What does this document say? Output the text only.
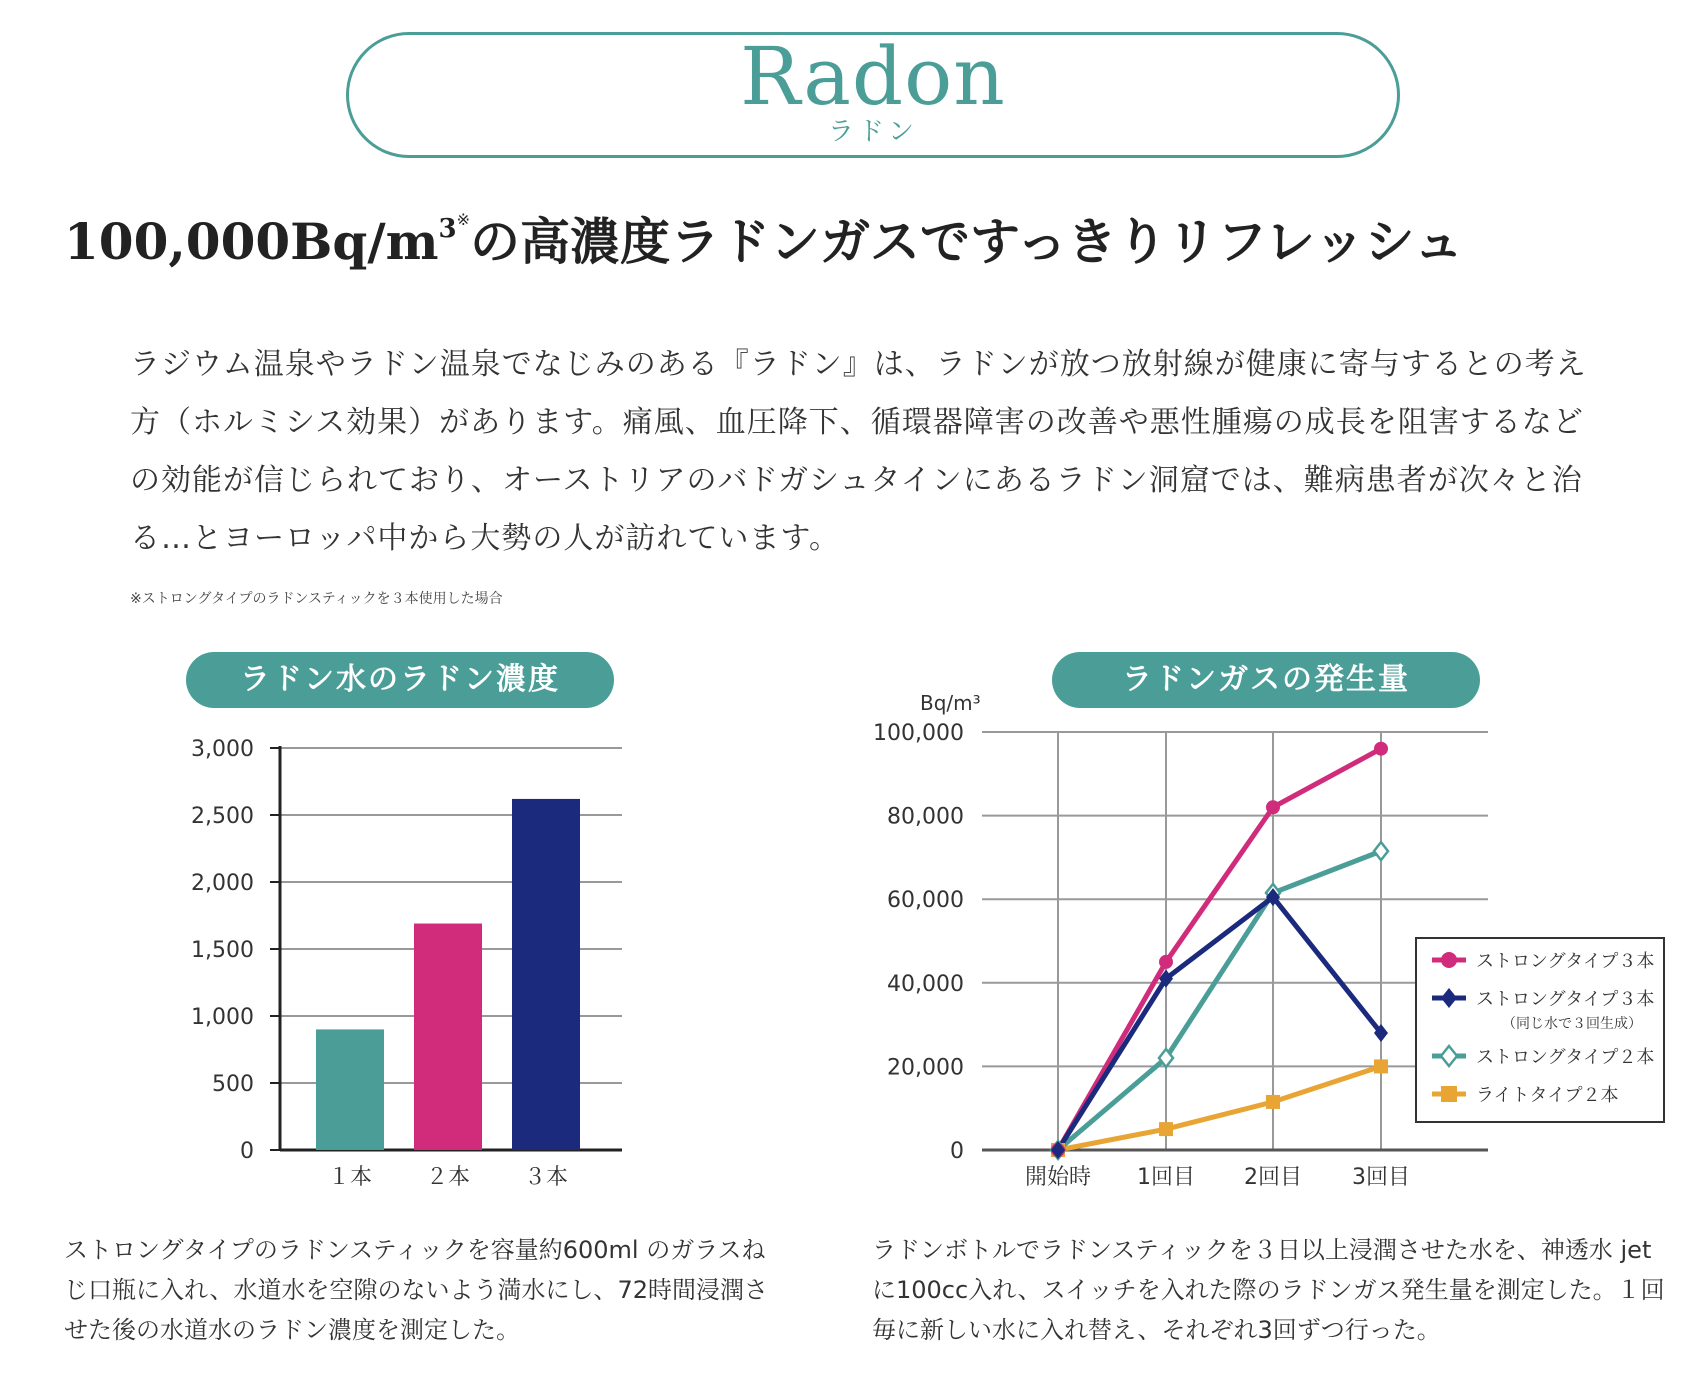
Radon
ラドン
100,000Bq/m$^{3※}$の高濃度ラドンガスですっきりリフレッシュ
ラジウム温泉やラドン温泉でなじみのある『ラドン』は、ラドンが放つ放射線が健康に寄与するとの考え方（ホルミシス効果）があります。痛風、血圧降下、循環器障害の改善や悪性腫瘍の成長を阻害するなどの効能が信じられており、オーストリアのバドガシュタインにあるラドン洞窟では、難病患者が次々と治る…とヨーロッパ中から大勢の人が訪れています。
※ストロングタイプのラドンスティックを３本使用した場合
ラドン水のラドン濃度
0
500
1,000
1,500
2,000
2,500
3,000
１本 ２本 ３本
ラドンガスの発生量
0
20,000
40,000
60,000
80,000
100,000
開始時 1回目 2回目 3回目
Bq/m³
ストロングタイプ３本
ストロングタイプ３本
（同じ水で３回生成）
ストロングタイプ２本
ライトタイプ２本
ストロングタイプのラドンスティックを容量約600ml のガラスねじ口瓶に入れ、水道水を空隙のないよう満水にし、72時間浸潤させた後の水道水のラドン濃度を測定した。
ラドンボトルでラドンスティックを３日以上浸潤させた水を、神透水 jet に100cc入れ、スイッチを入れた際のラドンガス発生量を測定した。１回毎に新しい水に入れ替え、それぞれ3回ずつ行った。
